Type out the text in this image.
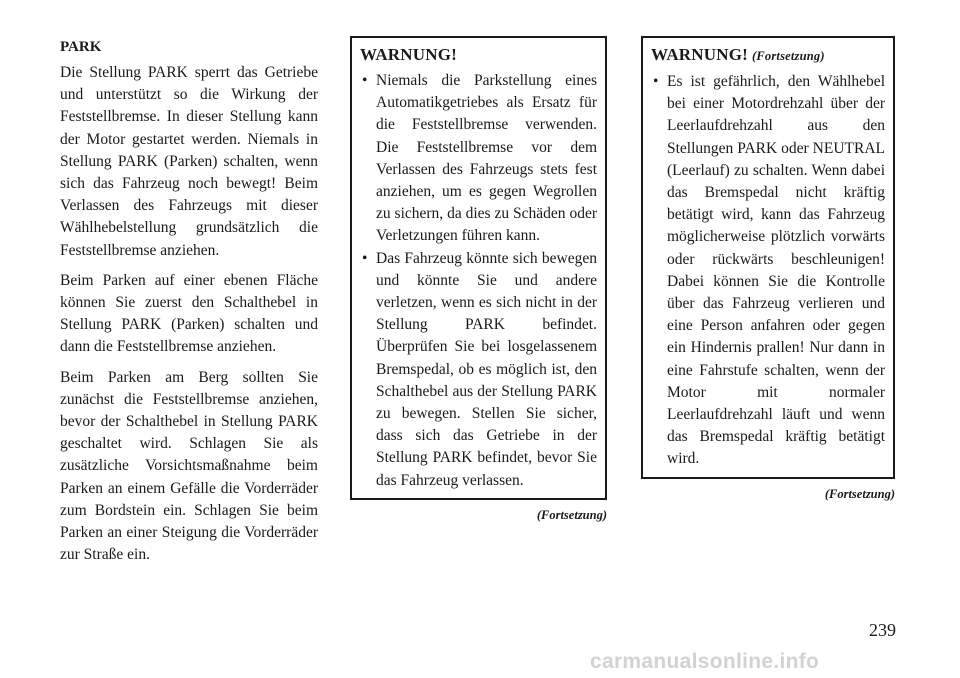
PARK

Die Stellung PARK sperrt das Getriebe und unterstützt so die Wirkung der Feststellbremse. In dieser Stellung kann der Motor gestartet werden. Niemals in Stellung PARK (Parken) schalten, wenn sich das Fahrzeug noch bewegt! Beim Verlassen des Fahrzeugs mit dieser Wählhebelstellung grundsätzlich die Feststellbremse anziehen.

Beim Parken auf einer ebenen Fläche können Sie zuerst den Schalthebel in Stellung PARK (Parken) schalten und dann die Feststellbremse anziehen.

Beim Parken am Berg sollten Sie zunächst die Feststellbremse anziehen, bevor der Schalthebel in Stellung PARK geschaltet wird. Schlagen Sie als zusätzliche Vorsichtsmaßnahme beim Parken an einem Gefälle die Vorderräder zum Bordstein ein. Schlagen Sie beim Parken an einer Steigung die Vorderräder zur Straße ein.

WARNUNG!
• Niemals die Parkstellung eines Automatikgetriebes als Ersatz für die Feststellbremse verwenden. Die Feststellbremse vor dem Verlassen des Fahrzeugs stets fest anziehen, um es gegen Wegrollen zu sichern, da dies zu Schäden oder Verletzungen führen kann.
• Das Fahrzeug könnte sich bewegen und könnte Sie und andere verletzen, wenn es sich nicht in der Stellung PARK befindet. Überprüfen Sie bei losgelassenem Bremspedal, ob es möglich ist, den Schalthebel aus der Stellung PARK zu bewegen. Stellen Sie sicher, dass sich das Getriebe in der Stellung PARK befindet, bevor Sie das Fahrzeug verlassen.
(Fortsetzung)
WARNUNG! (Fortsetzung)
• Es ist gefährlich, den Wählhebel bei einer Motordrehzahl über der Leerlaufdrehzahl aus den Stellungen PARK oder NEUTRAL (Leerlauf) zu schalten. Wenn dabei das Bremspedal nicht kräftig betätigt wird, kann das Fahrzeug möglicherweise plötzlich vorwärts oder rückwärts beschleunigen! Dabei können Sie die Kontrolle über das Fahrzeug verlieren und eine Person anfahren oder gegen ein Hindernis prallen! Nur dann in eine Fahrstufe schalten, wenn der Motor mit normaler Leerlaufdrehzahl läuft und wenn das Bremspedal kräftig betätigt wird.
(Fortsetzung)
239
carmanualsonline.info
